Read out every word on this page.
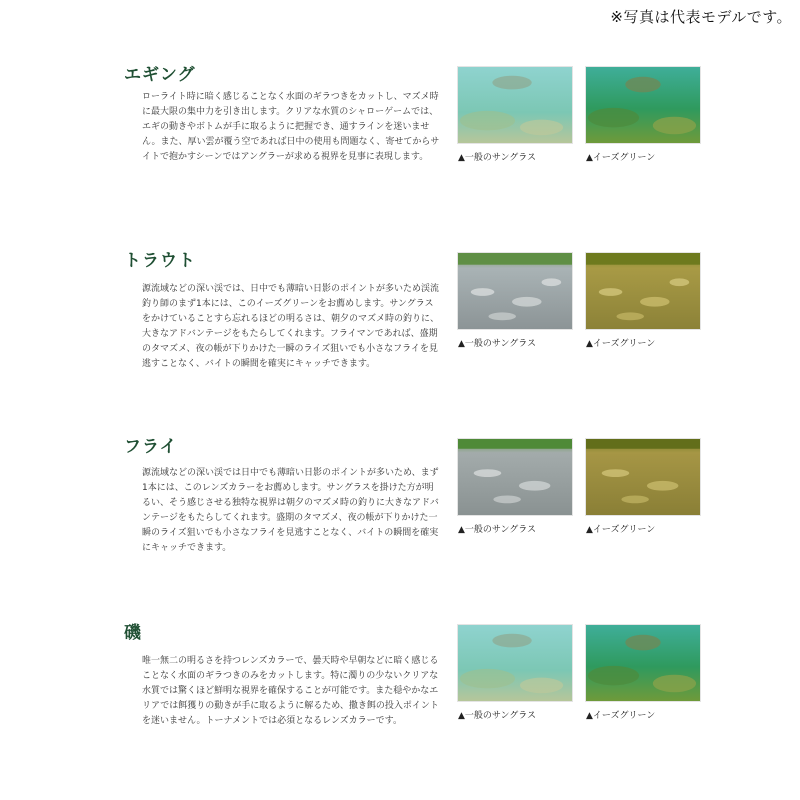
※写真は代表モデルです。
エギング

ローライト時に暗く感じることなく水面のギラつきをカットし、マズメ時に最大限の集中力を引き出します。クリアな水質のシャローゲームでは、エギの動きやボトムが手に取るように把握でき、通すラインを迷いません。また、厚い雲が覆う空であれば日中の使用も問題なく、寄せてからサイトで抱かすシーンではアングラーが求める視界を見事に表現します。	▲一般のサングラス	▲イーズグリーン
トラウト

源流域などの深い渓では、日中でも薄暗い日影のポイントが多いため渓流釣り師のまず1本には、このイーズグリーンをお薦めします。サングラスをかけていることすら忘れるほどの明るさは、朝夕のマズメ時の釣りに、大きなアドバンテージをもたらしてくれます。フライマンであれば、盛期のタマズメ、夜の帳が下りかけた一瞬のライズ狙いでも小さなフライを見逃すことなく、バイトの瞬間を確実にキャッチできます。

▲一般のサングラス	▲イーズグリーン
フライ

源流域などの深い渓では日中でも薄暗い日影のポイントが多いため、まず1本には、このレンズカラーをお薦めします。サングラスを掛けた方が明るい、そう感じさせる独特な視界は朝夕のマズメ時の釣りに大きなアドバンテージをもたらしてくれます。盛期のタマズメ、夜の帳が下りかけた一瞬のライズ狙いでも小さなフライを見逃すことなく、バイトの瞬間を確実にキャッチできます。

▲一般のサングラス	▲イーズグリーン
磯

唯一無二の明るさを持つレンズカラーで、曇天時や早朝などに暗く感じることなく水面のギラつきのみをカットします。特に濁りの少ないクリアな水質では驚くほど鮮明な視界を確保することが可能です。また穏やかなエリアでは餌獲りの動きが手に取るように解るため、撒き餌の投入ポイントを迷いません。トーナメントでは必須となるレンズカラーです。	▲一般のサングラス	▲イーズグリーン
